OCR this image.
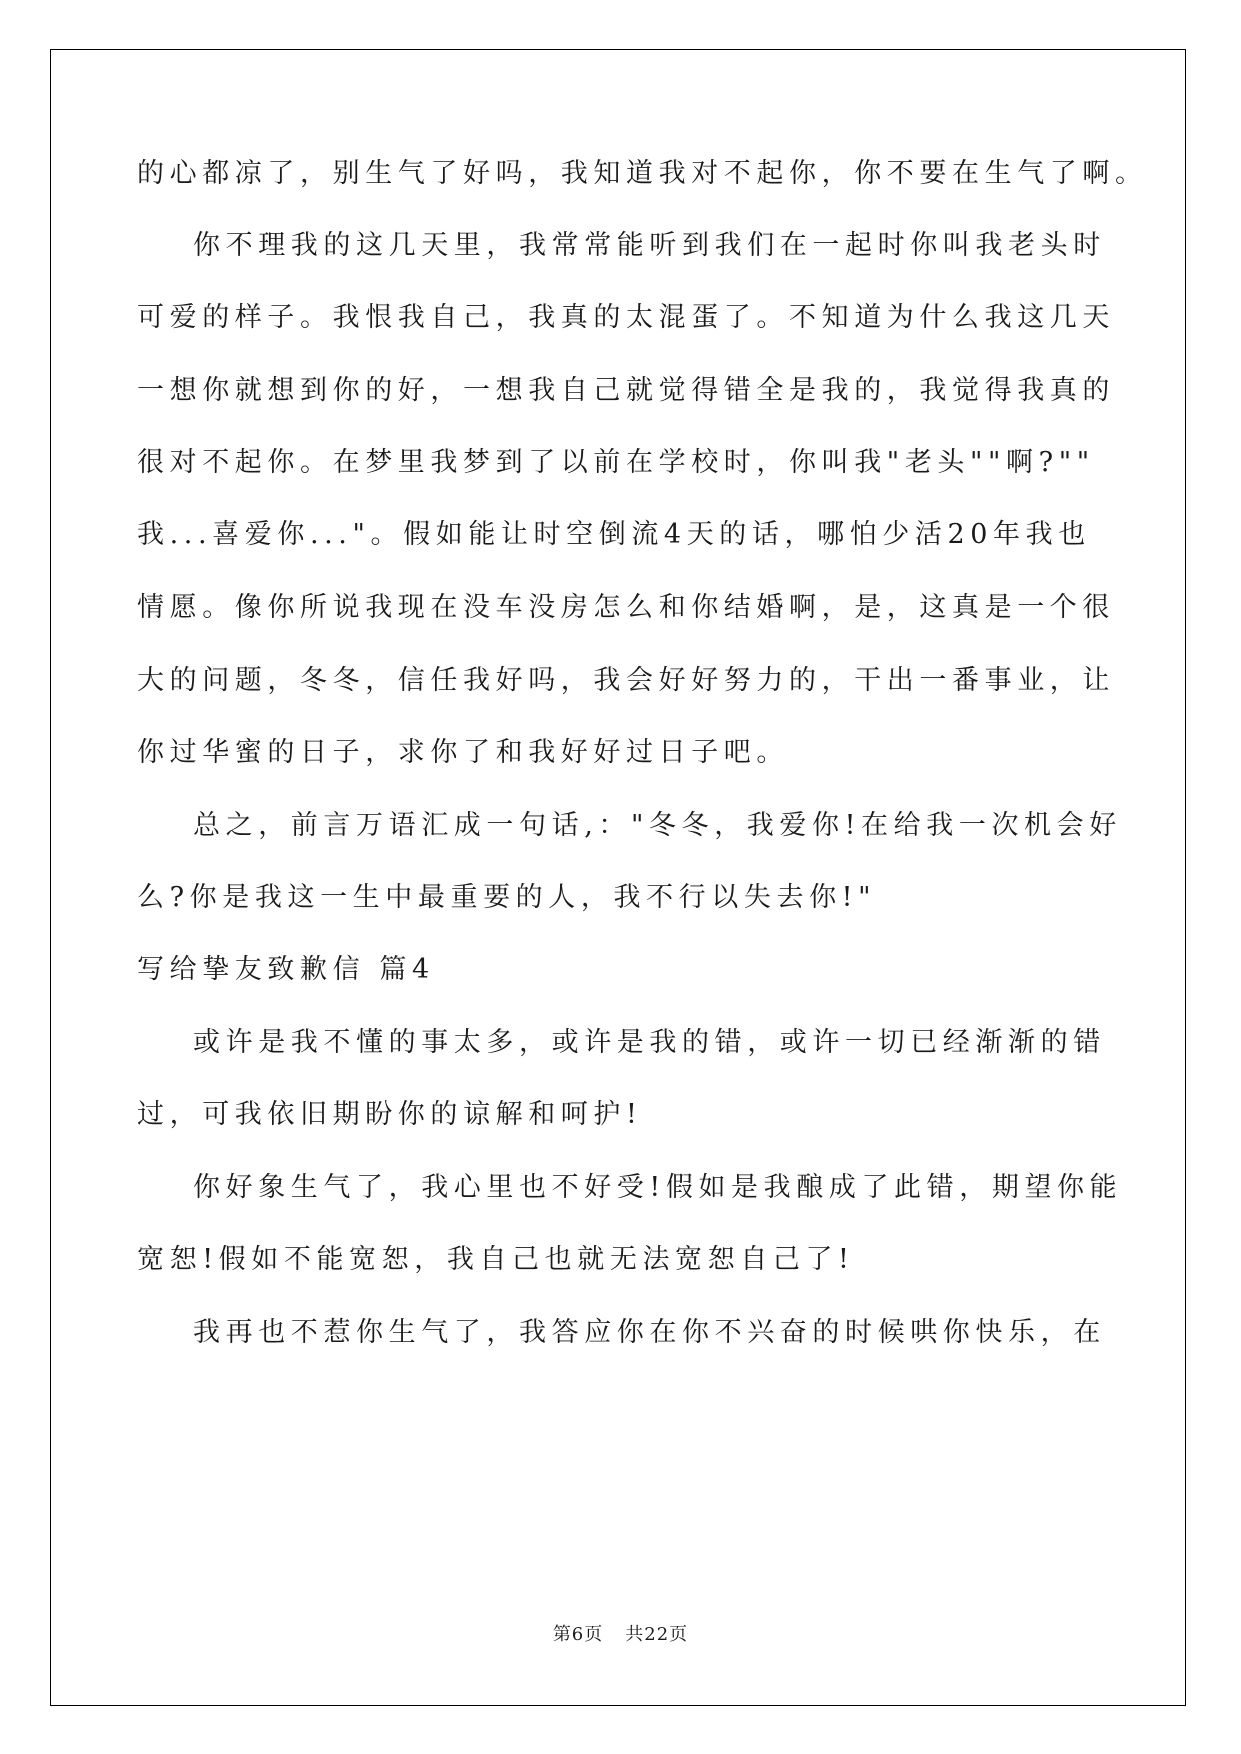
的心都凉了，别生气了好吗，我知道我对不起你，你不要在生气了啊。
你不理我的这几天里，我常常能听到我们在一起时你叫我老头时
可爱的样子。我恨我自己，我真的太混蛋了。不知道为什么我这几天
一想你就想到你的好，一想我自己就觉得错全是我的，我觉得我真的
很对不起你。在梦里我梦到了以前在学校时，你叫我"老头""啊?""
我...喜爱你..."。假如能让时空倒流4天的话，哪怕少活20年我也
情愿。像你所说我现在没车没房怎么和你结婚啊，是，这真是一个很
大的问题，冬冬，信任我好吗，我会好好努力的，干出一番事业，让
你过华蜜的日子，求你了和我好好过日子吧。
总之，前言万语汇成一句话,："冬冬，我爱你!在给我一次机会好
么?你是我这一生中最重要的人，我不行以失去你!"
写给挚友致歉信 篇4
或许是我不懂的事太多，或许是我的错，或许一切已经渐渐的错
过，可我依旧期盼你的谅解和呵护!
你好象生气了，我心里也不好受!假如是我酿成了此错，期望你能
宽恕!假如不能宽恕，我自己也就无法宽恕自己了!
我再也不惹你生气了，我答应你在你不兴奋的时候哄你快乐，在
第6页 共22页
